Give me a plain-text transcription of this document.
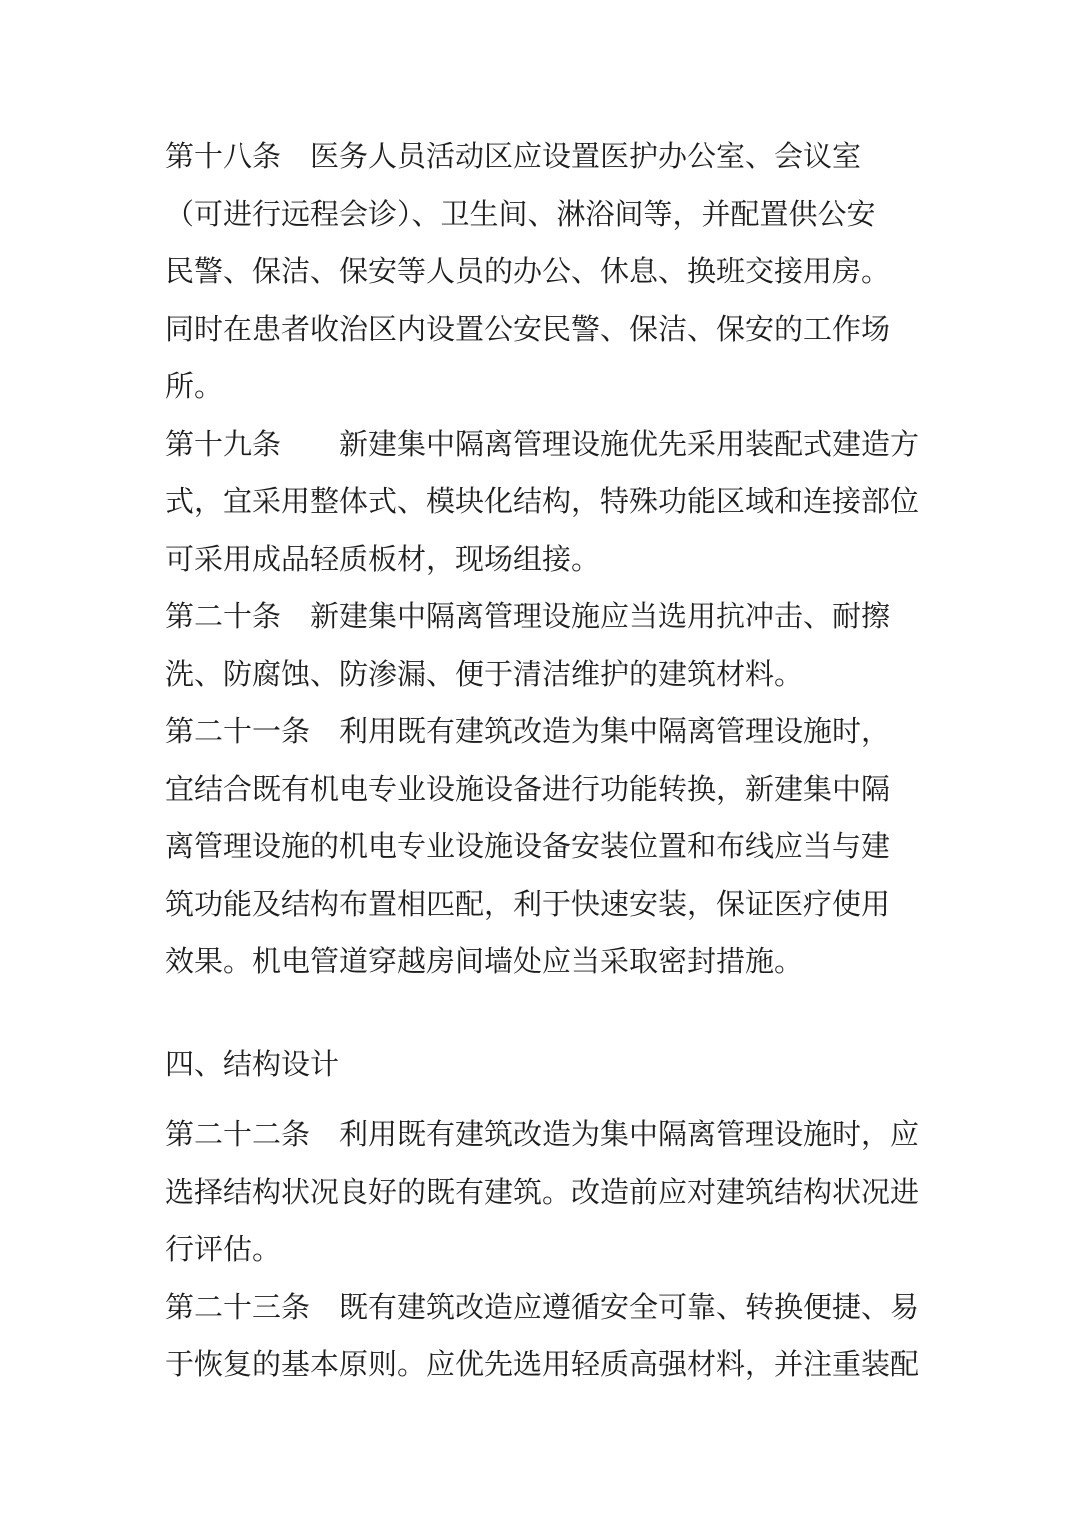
第十八条　医务人员活动区应设置医护办公室、会议室
（可进行远程会诊）、卫生间、淋浴间等，并配置供公安
民警、保洁、保安等人员的办公、休息、换班交接用房。
同时在患者收治区内设置公安民警、保洁、保安的工作场
所。
第十九条　　新建集中隔离管理设施优先采用装配式建造方
式，宜采用整体式、模块化结构，特殊功能区域和连接部位
可采用成品轻质板材，现场组接。
第二十条　新建集中隔离管理设施应当选用抗冲击、耐擦
洗、防腐蚀、防渗漏、便于清洁维护的建筑材料。
第二十一条　利用既有建筑改造为集中隔离管理设施时，
宜结合既有机电专业设施设备进行功能转换，新建集中隔
离管理设施的机电专业设施设备安装位置和布线应当与建
筑功能及结构布置相匹配，利于快速安装，保证医疗使用
效果。机电管道穿越房间墙处应当采取密封措施。
四、结构设计
第二十二条　利用既有建筑改造为集中隔离管理设施时，应
选择结构状况良好的既有建筑。改造前应对建筑结构状况进
行评估。
第二十三条　既有建筑改造应遵循安全可靠、转换便捷、易
于恢复的基本原则。应优先选用轻质高强材料，并注重装配
